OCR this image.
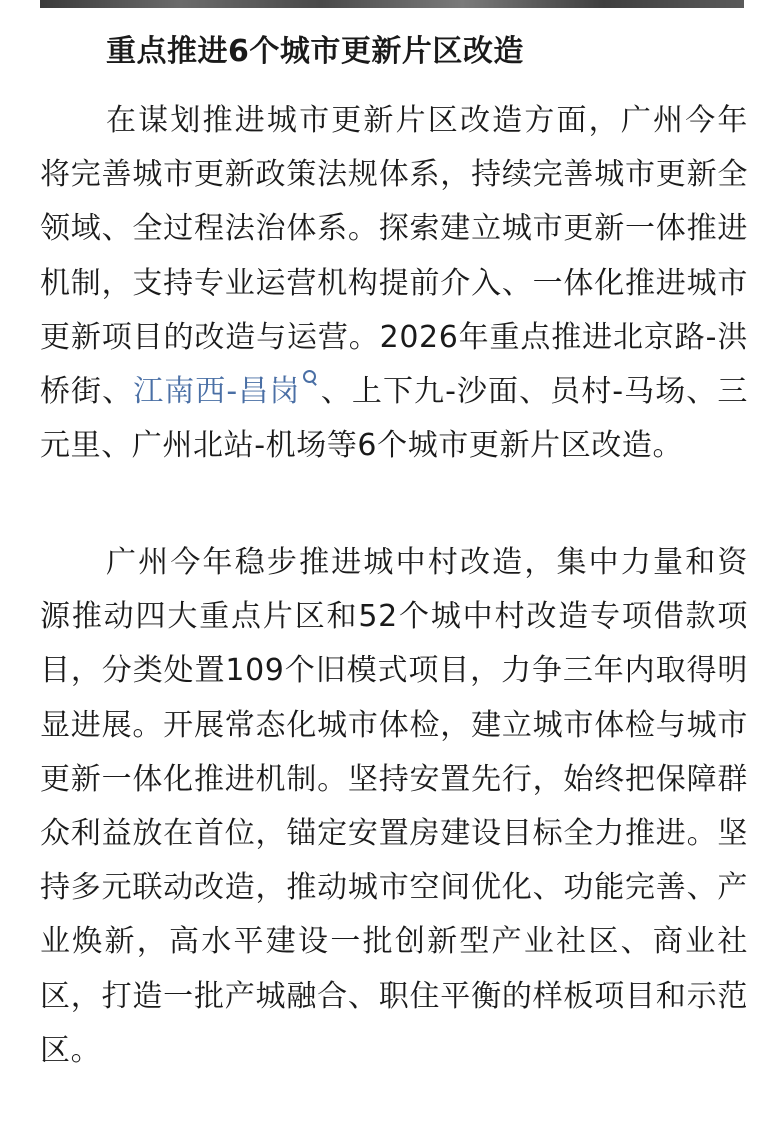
重点推进6个城市更新片区改造

在谋划推进城市更新片区改造方面，广州今年将完善城市更新政策法规体系，持续完善城市更新全领域、全过程法治体系。探索建立城市更新一体推进机制，支持专业运营机构提前介入、一体化推进城市更新项目的改造与运营。2026年重点推进北京路-洪桥街、江南西-昌岗 、上下九-沙面、员村-马场、三元里、广州北站-机场等6个城市更新片区改造。

广州今年稳步推进城中村改造，集中力量和资源推动四大重点片区和52个城中村改造专项借款项目，分类处置109个旧模式项目，力争三年内取得明显进展。开展常态化城市体检，建立城市体检与城市更新一体化推进机制。坚持安置先行，始终把保障群众利益放在首位，锚定安置房建设目标全力推进。坚持多元联动改造，推动城市空间优化、功能完善、产业焕新，高水平建设一批创新型产业社区、商业社区，打造一批产城融合、职住平衡的样板项目和示范区。
